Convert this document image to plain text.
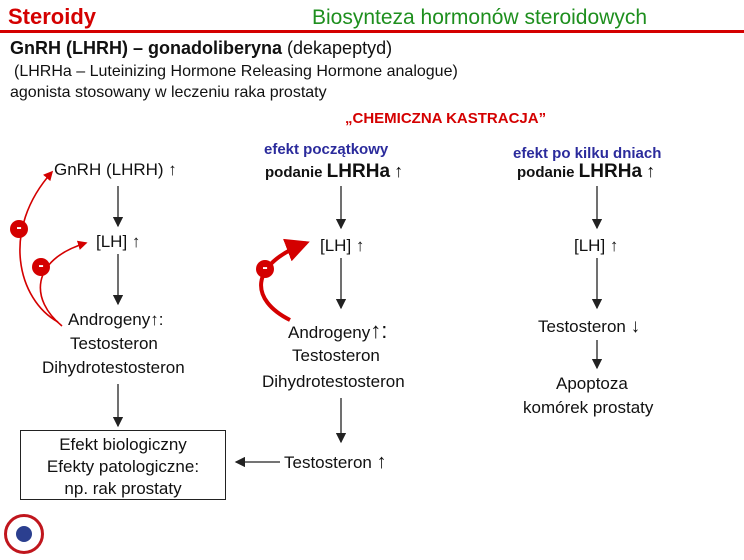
Steroidy	Biosynteza hormonów steroidowych
GnRH (LHRH) – gonadoliberyna (dekapeptyd)
(LHRHa – Luteinizing Hormone Releasing Hormone analogue)
agonista stosowany w leczeniu raka prostaty
„CHEMICZNA KASTRACJA”
-
-	-
GnRH (LHRH) ↑
[LH] ↑
Androgeny↑:
Testosteron
Dihydrotestosteron
Efekt biologiczny
Efekty patologiczne:
np. rak prostaty
efekt początkowy
podanie LHRHa ↑
[LH] ↑
Androgeny↑:
Testosteron
Dihydrotestosteron
Testosteron ↑
efekt po kilku dniach
podanie LHRHa ↑
[LH] ↑
Testosteron ↓
Apoptoza
komórek prostaty
